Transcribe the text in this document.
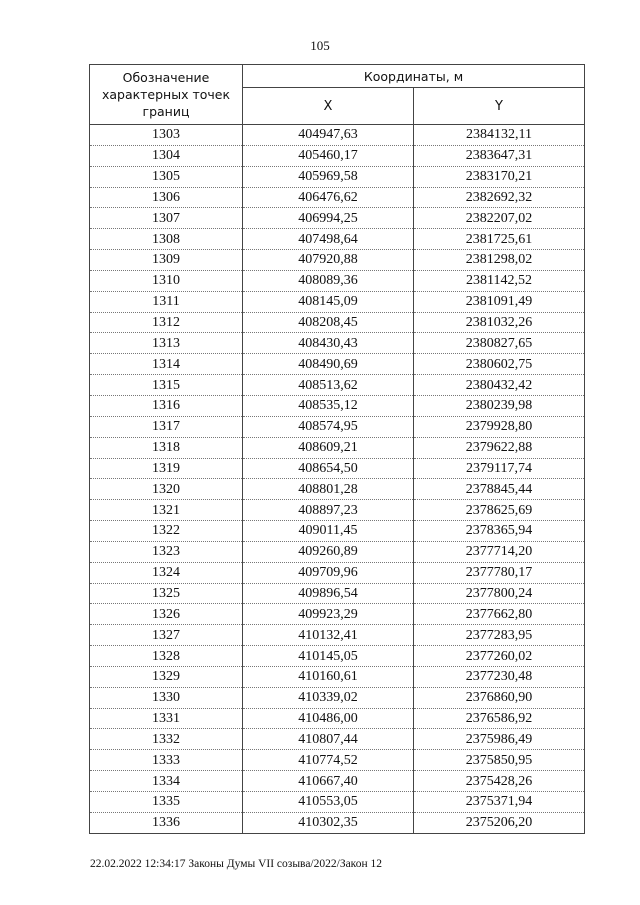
105
Обозначение характерных точек границ	Координаты, м	
	X	Y
1303	404947,63	2384132,11
1304	405460,17	2383647,31
1305	405969,58	2383170,21
1306	406476,62	2382692,32
1307	406994,25	2382207,02
1308	407498,64	2381725,61
1309	407920,88	2381298,02
1310	408089,36	2381142,52
1311	408145,09	2381091,49
1312	408208,45	2381032,26
1313	408430,43	2380827,65
1314	408490,69	2380602,75
1315	408513,62	2380432,42
1316	408535,12	2380239,98
1317	408574,95	2379928,80
1318	408609,21	2379622,88
1319	408654,50	2379117,74
1320	408801,28	2378845,44
1321	408897,23	2378625,69
1322	409011,45	2378365,94
1323	409260,89	2377714,20
1324	409709,96	2377780,17
1325	409896,54	2377800,24
1326	409923,29	2377662,80
1327	410132,41	2377283,95
1328	410145,05	2377260,02
1329	410160,61	2377230,48
1330	410339,02	2376860,90
1331	410486,00	2376586,92
1332	410807,44	2375986,49
1333	410774,52	2375850,95
1334	410667,40	2375428,26
1335	410553,05	2375371,94
1336	410302,35	2375206,20
22.02.2022 12:34:17 Законы Думы VII созыва/2022/Закон 12
